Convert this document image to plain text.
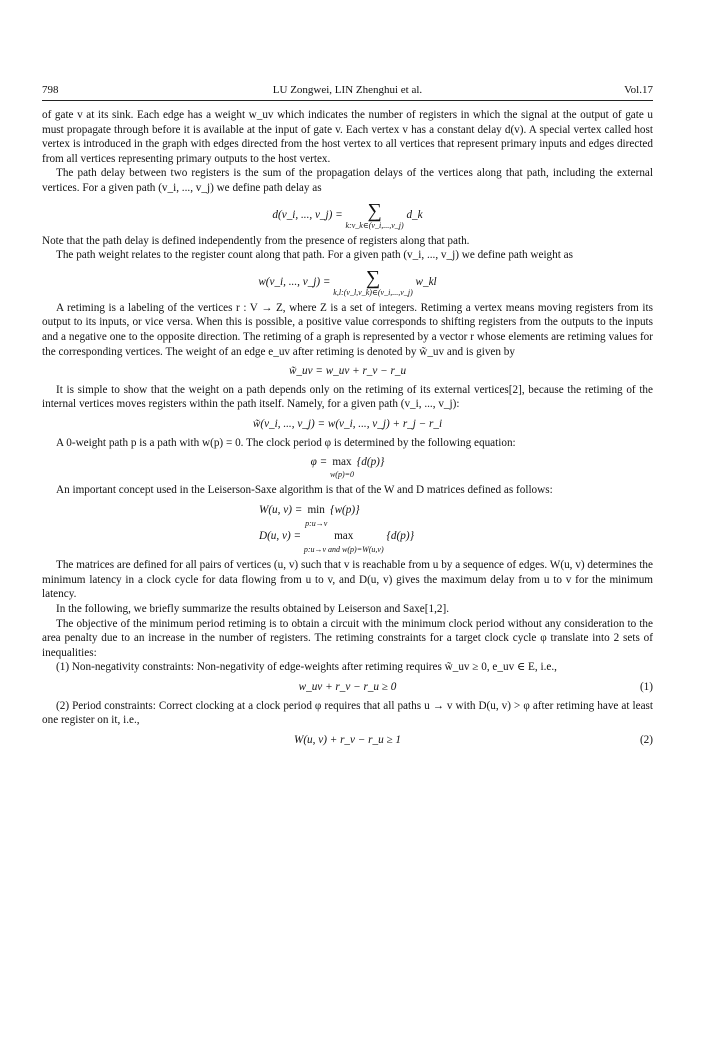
798	LU Zongwei, LIN Zhenghui et al.	Vol.17

of gate v at its sink. Each edge has a weight w_uv which indicates the number of registers in which the signal at the output of gate u must propagate through before it is available at the input of gate v. Each vertex v has a constant delay d(v). A special vertex called host vertex is introduced in the graph with edges directed from the host vertex to all vertices that represent primary inputs and edges directed from all vertices representing primary outputs to the host vertex.

The path delay between two registers is the sum of the propagation delays of the vertices along that path, including the external vertices. For a given path (v_i, ..., v_j) we define path delay as

d(v_i, ..., v_j) =	∑
k:v_k∈(v_i,...,v_j)
d_k

Note that the path delay is defined independently from the presence of registers along that path.

The path weight relates to the register count along that path. For a given path (v_i, ..., v_j) we define path weight as

w(v_i, ..., v_j) =	∑
k,l:(v_l,v_k)∈(v_i,...,v_j)
w_kl

A retiming is a labeling of the vertices r : V → Z, where Z is a set of integers. Retiming a vertex means moving registers from its output to its inputs, or vice versa. When this is possible, a positive value corresponds to shifting registers from the outputs to the inputs and a negative one to the opposite direction. The retiming of a graph is represented by a vector r whose elements are retiming values for the corresponding vertices. The weight of an edge e_uv after retiming is denoted by w̃_uv and is given by

w̃_uv = w_uv + r_v − r_u

It is simple to show that the weight on a path depends only on the retiming of its external vertices[2], because the retiming of the internal vertices moves registers within the path itself. Namely, for a given path (v_i, ..., v_j):

w̃(v_i, ..., v_j) = w(v_i, ..., v_j) + r_j − r_i

A 0-weight path p is a path with w(p) = 0. The clock period φ is determined by the following equation:

φ = max
w(p)=0
{d(p)}

An important concept used in the Leiserson-Saxe algorithm is that of the W and D matrices defined as follows:

W(u, v) = min
p:u→v
{w(p)}
D(u, v) =	max
p:u→v and w(p)=W(u,v)
{d(p)}

The matrices are defined for all pairs of vertices (u, v) such that v is reachable from u by a sequence of edges. W(u, v) determines the minimum latency in a clock cycle for data flowing from u to v, and D(u, v) gives the maximum delay from u to v for the minimum latency.

In the following, we briefly summarize the results obtained by Leiserson and Saxe[1,2].

The objective of the minimum period retiming is to obtain a circuit with the minimum clock period without any consideration to the area penalty due to an increase in the number of registers. The retiming constraints for a target clock cycle φ translate into 2 sets of inequalities:

(1) Non-negativity constraints: Non-negativity of edge-weights after retiming requires w̃_uv ≥ 0, e_uv ∈ E, i.e.,

w_uv + r_v − r_u ≥ 0	(1)

(2) Period constraints: Correct clocking at a clock period φ requires that all paths u → v with D(u, v) > φ after retiming have at least one register on it, i.e.,

W(u, v) + r_v − r_u ≥ 1	(2)
